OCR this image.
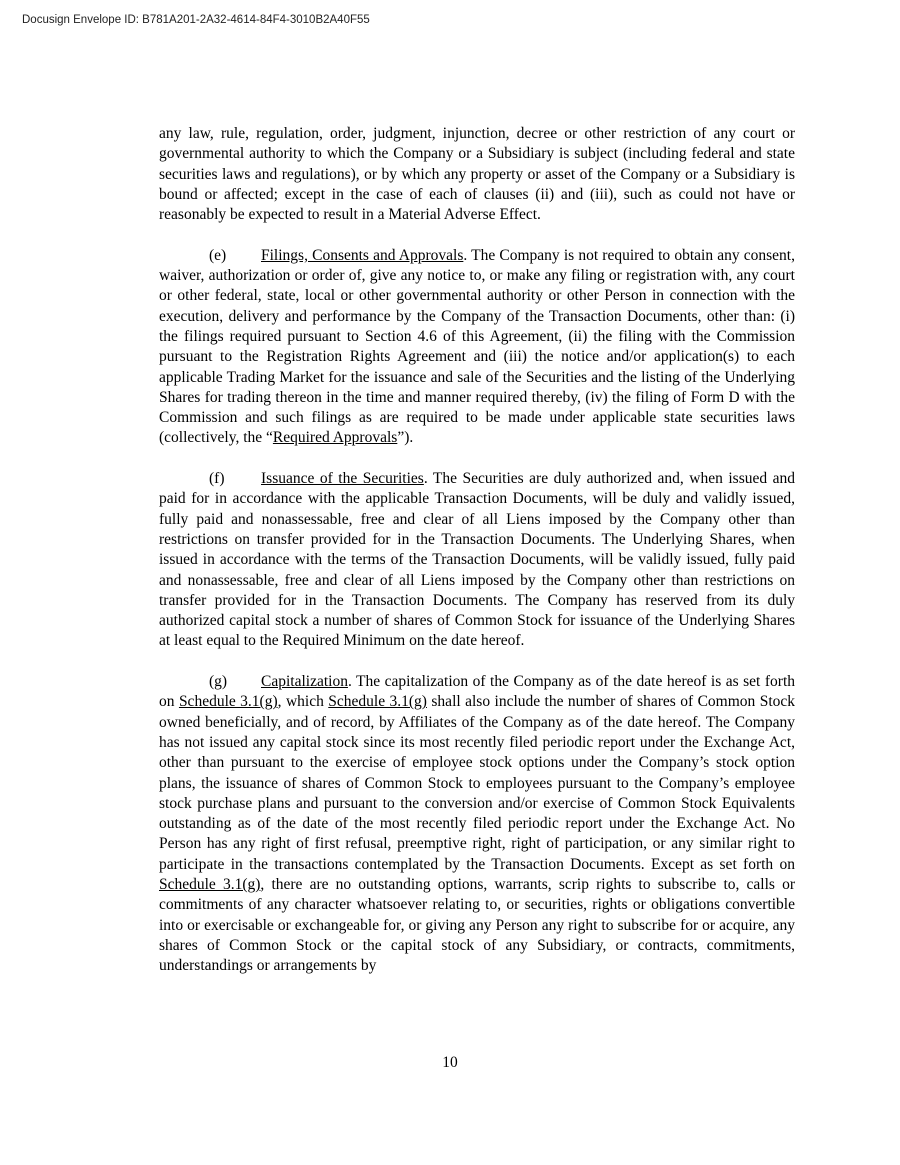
Docusign Envelope ID: B781A201-2A32-4614-84F4-3010B2A40F55

any law, rule, regulation, order, judgment, injunction, decree or other restriction of any court or governmental authority to which the Company or a Subsidiary is subject (including federal and state securities laws and regulations), or by which any property or asset of the Company or a Subsidiary is bound or affected; except in the case of each of clauses (ii) and (iii), such as could not have or reasonably be expected to result in a Material Adverse Effect.

(e) Filings, Consents and Approvals. The Company is not required to obtain any consent, waiver, authorization or order of, give any notice to, or make any filing or registration with, any court or other federal, state, local or other governmental authority or other Person in connection with the execution, delivery and performance by the Company of the Transaction Documents, other than: (i) the filings required pursuant to Section 4.6 of this Agreement, (ii) the filing with the Commission pursuant to the Registration Rights Agreement and (iii) the notice and/or application(s) to each applicable Trading Market for the issuance and sale of the Securities and the listing of the Underlying Shares for trading thereon in the time and manner required thereby, (iv) the filing of Form D with the Commission and such filings as are required to be made under applicable state securities laws (collectively, the “Required Approvals”).

(f) Issuance of the Securities. The Securities are duly authorized and, when issued and paid for in accordance with the applicable Transaction Documents, will be duly and validly issued, fully paid and nonassessable, free and clear of all Liens imposed by the Company other than restrictions on transfer provided for in the Transaction Documents. The Underlying Shares, when issued in accordance with the terms of the Transaction Documents, will be validly issued, fully paid and nonassessable, free and clear of all Liens imposed by the Company other than restrictions on transfer provided for in the Transaction Documents. The Company has reserved from its duly authorized capital stock a number of shares of Common Stock for issuance of the Underlying Shares at least equal to the Required Minimum on the date hereof.

(g) Capitalization. The capitalization of the Company as of the date hereof is as set forth on Schedule 3.1(g), which Schedule 3.1(g) shall also include the number of shares of Common Stock owned beneficially, and of record, by Affiliates of the Company as of the date hereof. The Company has not issued any capital stock since its most recently filed periodic report under the Exchange Act, other than pursuant to the exercise of employee stock options under the Company’s stock option plans, the issuance of shares of Common Stock to employees pursuant to the Company’s employee stock purchase plans and pursuant to the conversion and/or exercise of Common Stock Equivalents outstanding as of the date of the most recently filed periodic report under the Exchange Act. No Person has any right of first refusal, preemptive right, right of participation, or any similar right to participate in the transactions contemplated by the Transaction Documents. Except as set forth on Schedule 3.1(g), there are no outstanding options, warrants, scrip rights to subscribe to, calls or commitments of any character whatsoever relating to, or securities, rights or obligations convertible into or exercisable or exchangeable for, or giving any Person any right to subscribe for or acquire, any shares of Common Stock or the capital stock of any Subsidiary, or contracts, commitments, understandings or arrangements by

10
